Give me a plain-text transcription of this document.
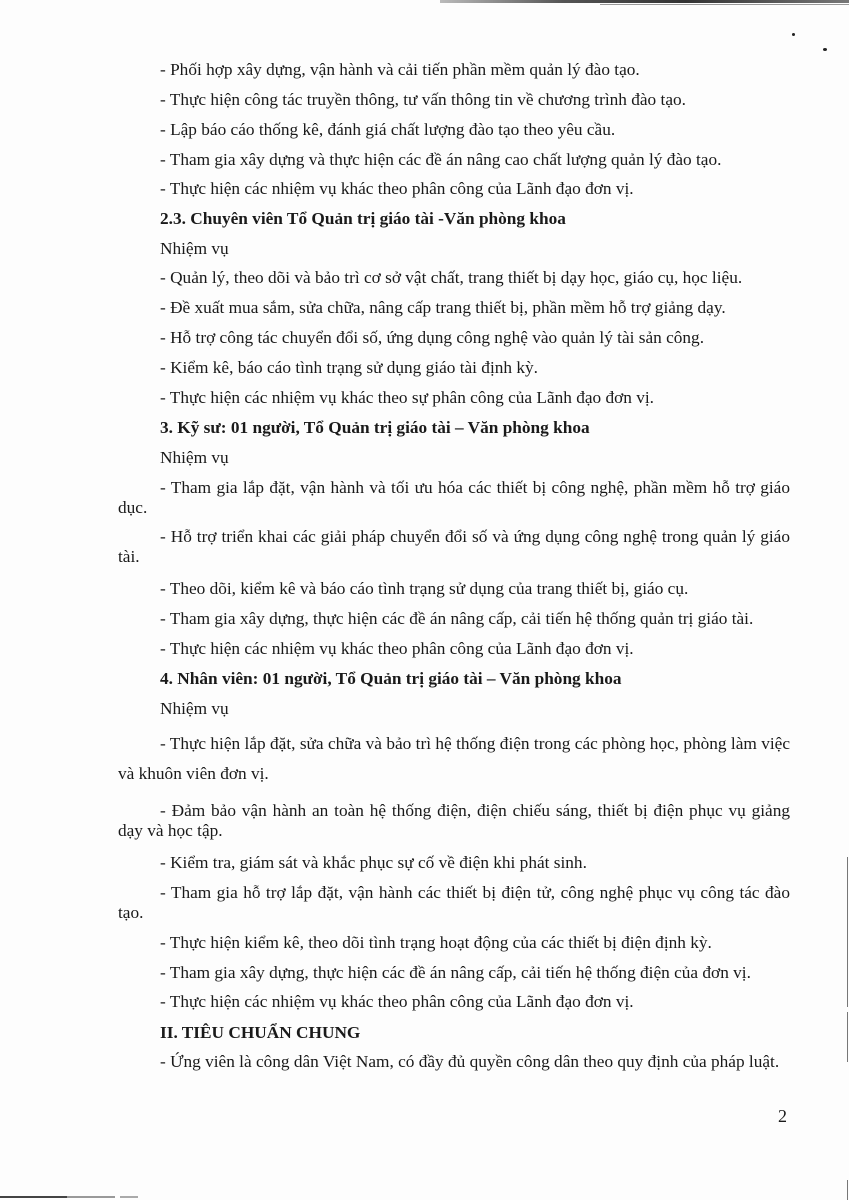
- Phối hợp xây dựng, vận hành và cải tiến phần mềm quản lý đào tạo.
- Thực hiện công tác truyền thông, tư vấn thông tin về chương trình đào tạo.
- Lập báo cáo thống kê, đánh giá chất lượng đào tạo theo yêu cầu.
- Tham gia xây dựng và thực hiện các đề án nâng cao chất lượng quản lý đào tạo.
- Thực hiện các nhiệm vụ khác theo phân công của Lãnh đạo đơn vị.
2.3. Chuyên viên Tổ Quản trị giáo tài -Văn phòng khoa
Nhiệm vụ
- Quản lý, theo dõi và bảo trì cơ sở vật chất, trang thiết bị dạy học, giáo cụ, học liệu.
- Đề xuất mua sắm, sửa chữa, nâng cấp trang thiết bị, phần mềm hỗ trợ giảng dạy.
- Hỗ trợ công tác chuyển đổi số, ứng dụng công nghệ vào quản lý tài sản công.
- Kiểm kê, báo cáo tình trạng sử dụng giáo tài định kỳ.
- Thực hiện các nhiệm vụ khác theo sự phân công của Lãnh đạo đơn vị.
3. Kỹ sư: 01 người, Tổ Quản trị giáo tài – Văn phòng khoa
Nhiệm vụ
- Tham gia lắp đặt, vận hành và tối ưu hóa các thiết bị công nghệ, phần mềm hỗ trợ giáo dục.
- Hỗ trợ triển khai các giải pháp chuyển đổi số và ứng dụng công nghệ trong quản lý giáo tài.
- Theo dõi, kiểm kê và báo cáo tình trạng sử dụng của trang thiết bị, giáo cụ.
- Tham gia xây dựng, thực hiện các đề án nâng cấp, cải tiến hệ thống quản trị giáo tài.
- Thực hiện các nhiệm vụ khác theo phân công của Lãnh đạo đơn vị.
4. Nhân viên: 01 người, Tổ Quản trị giáo tài – Văn phòng khoa
Nhiệm vụ
- Thực hiện lắp đặt, sửa chữa và bảo trì hệ thống điện trong các phòng học, phòng làm việc và khuôn viên đơn vị.
- Đảm bảo vận hành an toàn hệ thống điện, điện chiếu sáng, thiết bị điện phục vụ giảng dạy và học tập.
- Kiểm tra, giám sát và khắc phục sự cố về điện khi phát sinh.
- Tham gia hỗ trợ lắp đặt, vận hành các thiết bị điện tử, công nghệ phục vụ công tác đào tạo.
- Thực hiện kiểm kê, theo dõi tình trạng hoạt động của các thiết bị điện định kỳ.
- Tham gia xây dựng, thực hiện các đề án nâng cấp, cải tiến hệ thống điện của đơn vị.
- Thực hiện các nhiệm vụ khác theo phân công của Lãnh đạo đơn vị.
II. TIÊU CHUẨN CHUNG
- Ứng viên là công dân Việt Nam, có đầy đủ quyền công dân theo quy định của pháp luật.
2
